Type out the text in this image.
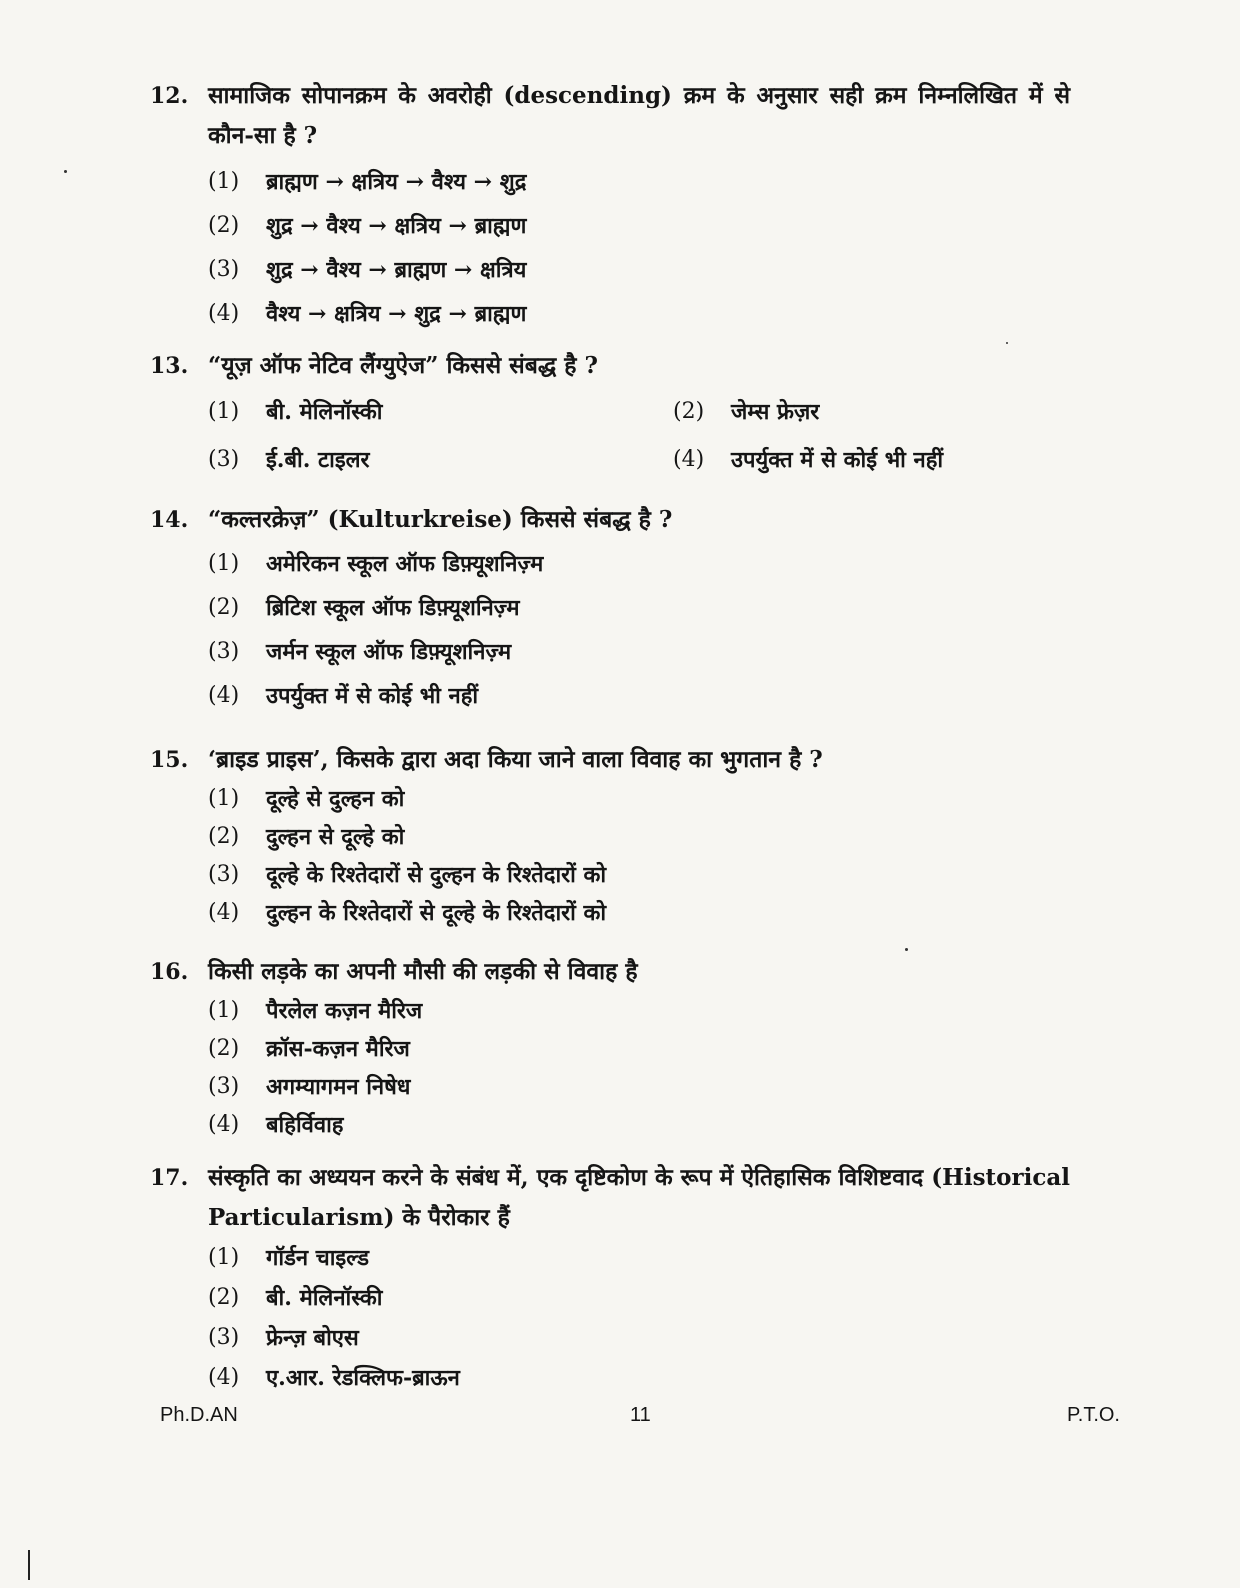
12. सामाजिक सोपानक्रम के अवरोही (descending) क्रम के अनुसार सही क्रम निम्नलिखित में से कौन-सा है ?
(1)	ब्राह्मण → क्षत्रिय → वैश्य → शुद्र
(2)	शुद्र → वैश्य → क्षत्रिय → ब्राह्मण
(3)	शुद्र → वैश्य → ब्राह्मण → क्षत्रिय
(4)	वैश्य → क्षत्रिय → शुद्र → ब्राह्मण
13. “यूज़ ऑफ नेटिव लैंग्युऐज” किससे संबद्ध है ?
(1)	बी. मेलिनॉस्की	(2)	जेम्स फ्रेज़र
(3)	ई.बी. टाइलर	(4)	उपर्युक्त में से कोई भी नहीं
14. “कल्तरक्रेज़” (Kulturkreise) किससे संबद्ध है ?
(1)	अमेरिकन स्कूल ऑफ डिफ़्यूशनिज़्म
(2)	ब्रिटिश स्कूल ऑफ डिफ़्यूशनिज़्म
(3)	जर्मन स्कूल ऑफ डिफ़्यूशनिज़्म
(4)	उपर्युक्त में से कोई भी नहीं
15. ‘ब्राइड प्राइस’, किसके द्वारा अदा किया जाने वाला विवाह का भुगतान है ?
(1)	दूल्हे से दुल्हन को
(2)	दुल्हन से दूल्हे को
(3)	दूल्हे के रिश्तेदारों से दुल्हन के रिश्तेदारों को
(4)	दुल्हन के रिश्तेदारों से दूल्हे के रिश्तेदारों को
16. किसी लड़के का अपनी मौसी की लड़की से विवाह है
(1)	पैरलेल कज़न मैरिज
(2)	क्रॉस-कज़न मैरिज
(3)	अगम्यागमन निषेध
(4)	बहिर्विवाह
17. संस्कृति का अध्ययन करने के संबंध में, एक दृष्टिकोण के रूप में ऐतिहासिक विशिष्टवाद (Historical Particularism) के पैरोकार हैं
(1)	गॉर्डन चाइल्ड
(2)	बी. मेलिनॉस्की
(3)	फ्रेन्ज़ बोएस
(4)	ए.आर. रेडक्लिफ-ब्राऊन
Ph.D.AN	11	P.T.O.
